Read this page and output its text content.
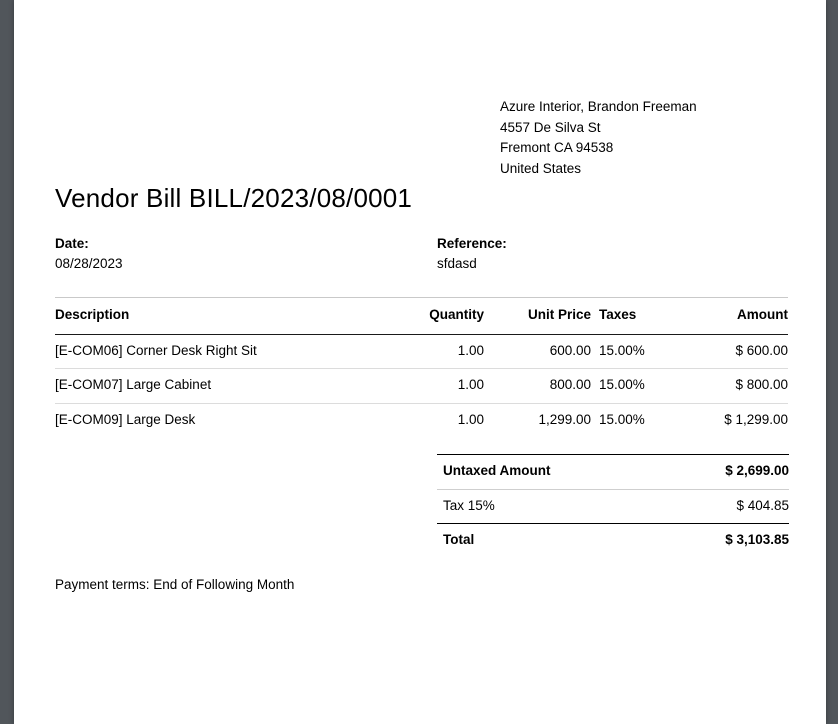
Azure Interior, Brandon Freeman
4557 De Silva St
Fremont CA 94538
United States
Vendor Bill BILL/2023/08/0001
Date:
08/28/2023
Reference:
sfdasd
Description	Quantity	Unit Price Taxes	Amount
[E-COM06] Corner Desk Right Sit	1.00	600.00 15.00%	$ 600.00
[E-COM07] Large Cabinet	1.00	800.00 15.00%	$ 800.00
[E-COM09] Large Desk	1.00	1,299.00 15.00%	$ 1,299.00
Untaxed Amount	$ 2,699.00
Tax 15%	$ 404.85
Total	$ 3,103.85
Payment terms: End of Following Month
